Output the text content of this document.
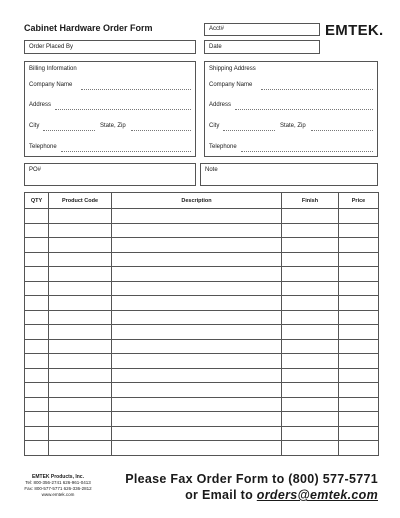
Cabinet Hardware Order Form	Acct#	EMTEK.
Order Placed By	Date
Billing Information
Company Name
Address
City	State, Zip
Telephone
Shipping Address
Company Name
Address
City	State, Zip
Telephone
PO#	Note
QTY	Product Code	Description	Finish	Price

EMTEK Products, Inc.
Tel: 800-356-2741 626-961-0413
Fax: 800-577-5771 626-336-2812
www.emtek.com
Please Fax Order Form to (800) 577-5771
or Email to orders@emtek.com
